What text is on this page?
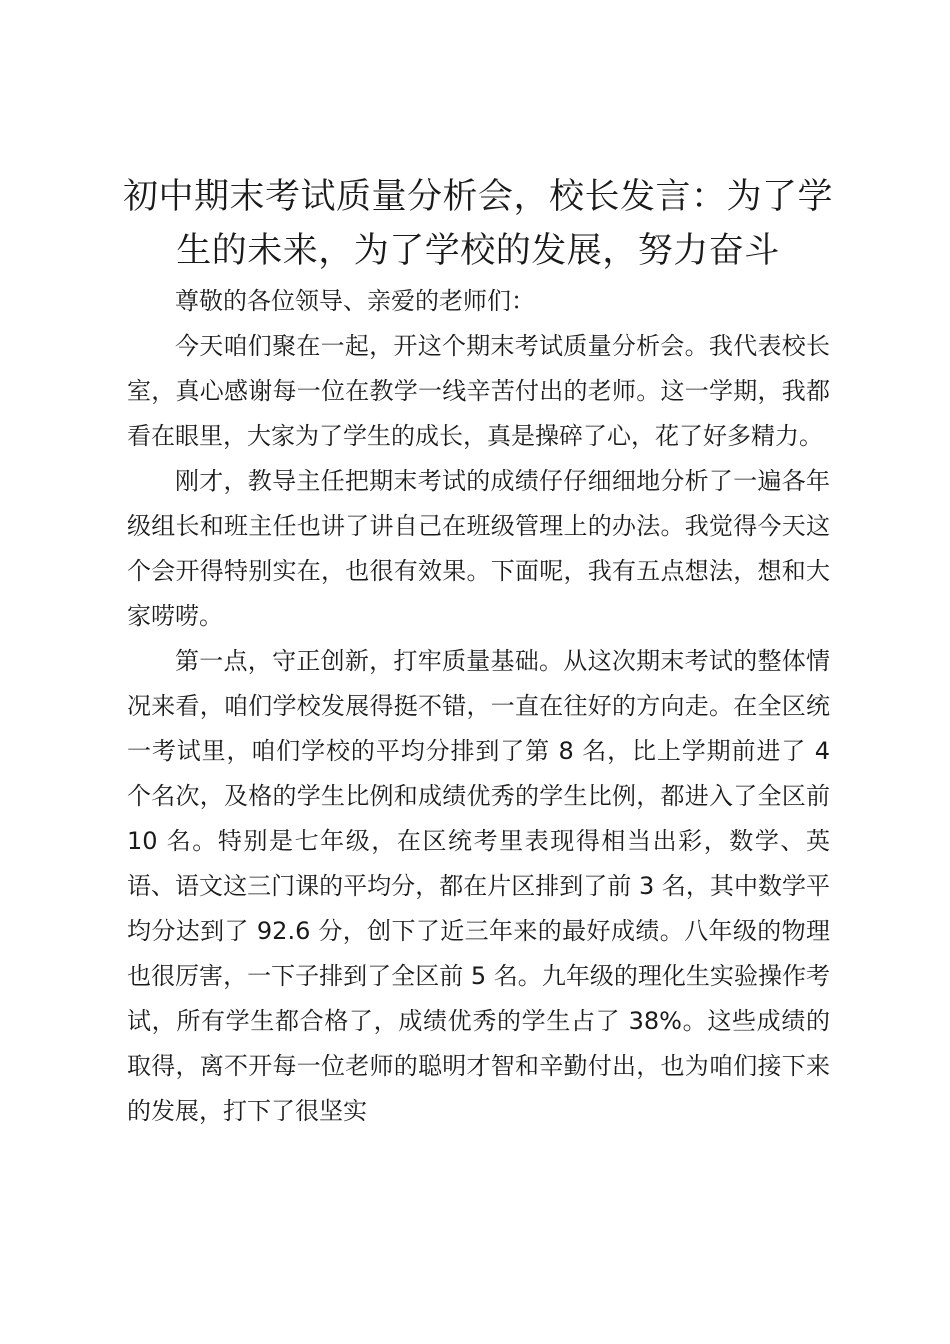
初中期末考试质量分析会，校长发言：为了学生的未来，为了学校的发展，努力奋斗

尊敬的各位领导、亲爱的老师们：

今天咱们聚在一起，开这个期末考试质量分析会。我代表校长室，真心感谢每一位在教学一线辛苦付出的老师。这一学期，我都看在眼里，大家为了学生的成长，真是操碎了心，花了好多精力。

刚才，教导主任把期末考试的成绩仔仔细细地分析了一遍各年级组长和班主任也讲了讲自己在班级管理上的办法。我觉得今天这个会开得特别实在，也很有效果。下面呢，我有五点想法，想和大家唠唠。

第一点，守正创新，打牢质量基础。从这次期末考试的整体情况来看，咱们学校发展得挺不错，一直在往好的方向走。在全区统一考试里，咱们学校的平均分排到了第 8 名，比上学期前进了 4 个名次，及格的学生比例和成绩优秀的学生比例，都进入了全区前 10 名。特别是七年级，在区统考里表现得相当出彩，数学、英语、语文这三门课的平均分，都在片区排到了前 3 名，其中数学平均分达到了 92.6 分，创下了近三年来的最好成绩。八年级的物理也很厉害，一下子排到了全区前 5 名。九年级的理化生实验操作考试，所有学生都合格了，成绩优秀的学生占了 38%。这些成绩的取得，离不开每一位老师的聪明才智和辛勤付出，也为咱们接下来的发展，打下了很坚实
